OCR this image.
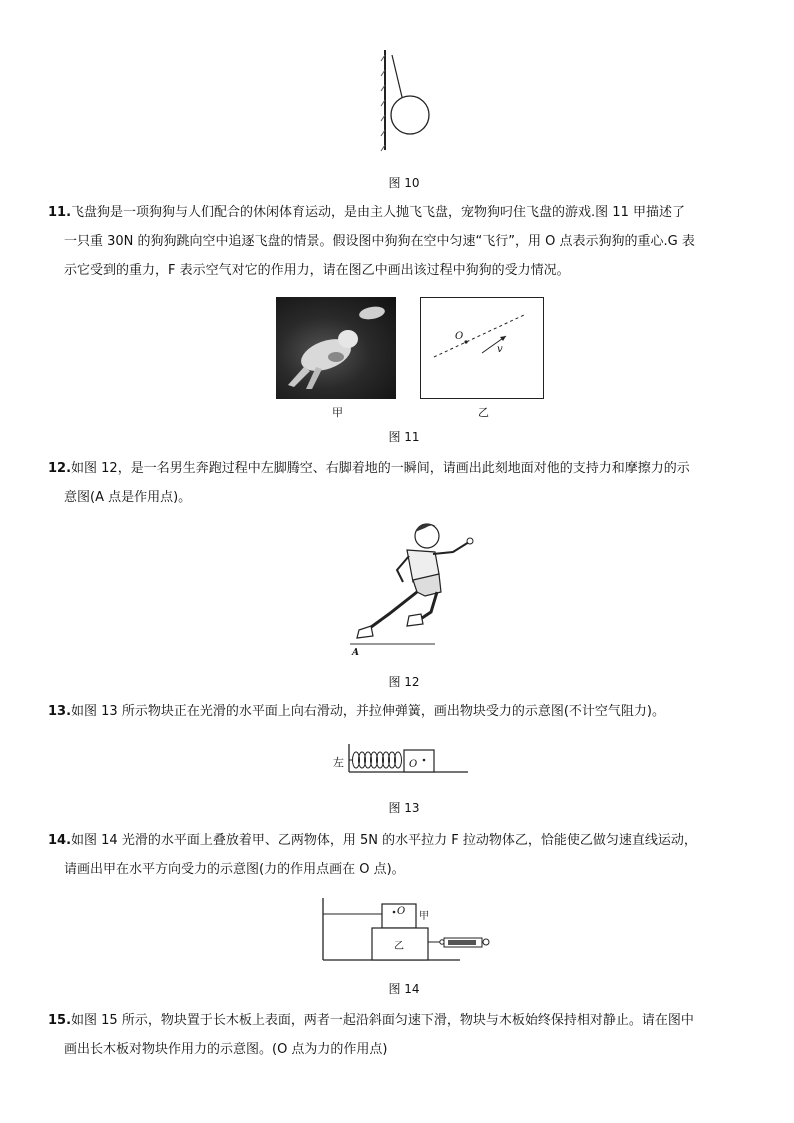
图 10
11.飞盘狗是一项狗狗与人们配合的休闲体育运动，是由主人抛飞飞盘，宠物狗叼住飞盘的游戏.图 11 甲描述了
一只重 30N 的狗狗跳向空中追逐飞盘的情景。假设图中狗狗在空中匀速“飞行”，用 O 点表示狗狗的重心.G 表
示它受到的重力，F 表示空气对它的作用力，请在图乙中画出该过程中狗狗的受力情况。
甲
O
v
乙
图 11
12.如图 12，是一名男生奔跑过程中左脚腾空、右脚着地的一瞬间，请画出此刻地面对他的支持力和摩擦力的示
意图(A 点是作用点)。
A
图 12
13.如图 13 所示物块正在光滑的水平面上向右滑动，并拉伸弹簧，画出物块受力的示意图(不计空气阻力)。
左	O
图 13
14.如图 14 光滑的水平面上叠放着甲、乙两物体，用 5N 的水平拉力 F 拉动物体乙，恰能使乙做匀速直线运动，
请画出甲在水平方向受力的示意图(力的作用点画在 O 点)。
O 甲
乙
图 14
15.如图 15 所示，物块置于长木板上表面，两者一起沿斜面匀速下滑，物块与木板始终保持相对静止。请在图中
画出长木板对物块作用力的示意图。(O 点为力的作用点)
